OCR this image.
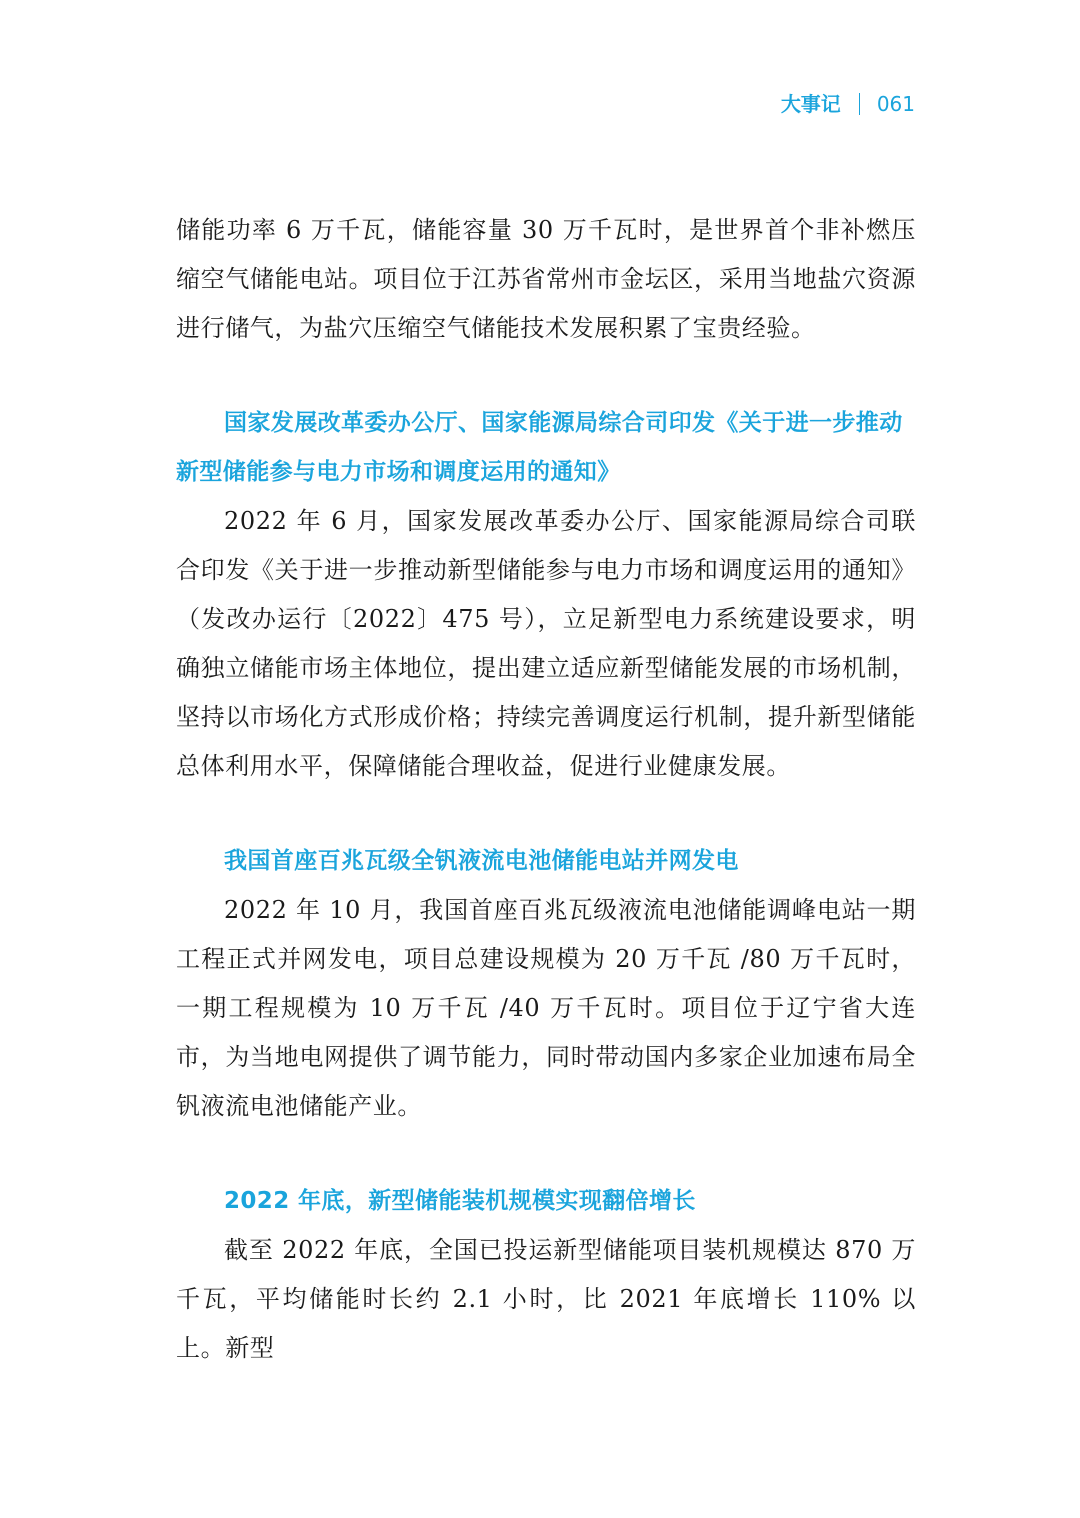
大事记 061

储能功率 6 万千瓦，储能容量 30 万千瓦时，是世界首个非补燃压缩空气储能电站。项目位于江苏省常州市金坛区，采用当地盐穴资源进行储气，为盐穴压缩空气储能技术发展积累了宝贵经验。

国家发展改革委办公厅、国家能源局综合司印发《关于进一步推动新型储能参与电力市场和调度运用的通知》

2022 年 6 月，国家发展改革委办公厅、国家能源局综合司联合印发《关于进一步推动新型储能参与电力市场和调度运用的通知》（发改办运行〔2022〕475 号），立足新型电力系统建设要求，明确独立储能市场主体地位，提出建立适应新型储能发展的市场机制，坚持以市场化方式形成价格；持续完善调度运行机制，提升新型储能总体利用水平，保障储能合理收益，促进行业健康发展。

我国首座百兆瓦级全钒液流电池储能电站并网发电

2022 年 10 月，我国首座百兆瓦级液流电池储能调峰电站一期工程正式并网发电，项目总建设规模为 20 万千瓦 /80 万千瓦时，一期工程规模为 10 万千瓦 /40 万千瓦时。项目位于辽宁省大连市，为当地电网提供了调节能力，同时带动国内多家企业加速布局全钒液流电池储能产业。

2022 年底，新型储能装机规模实现翻倍增长

截至 2022 年底，全国已投运新型储能项目装机规模达 870 万千瓦，平均储能时长约 2.1 小时，比 2021 年底增长 110% 以上。新型
